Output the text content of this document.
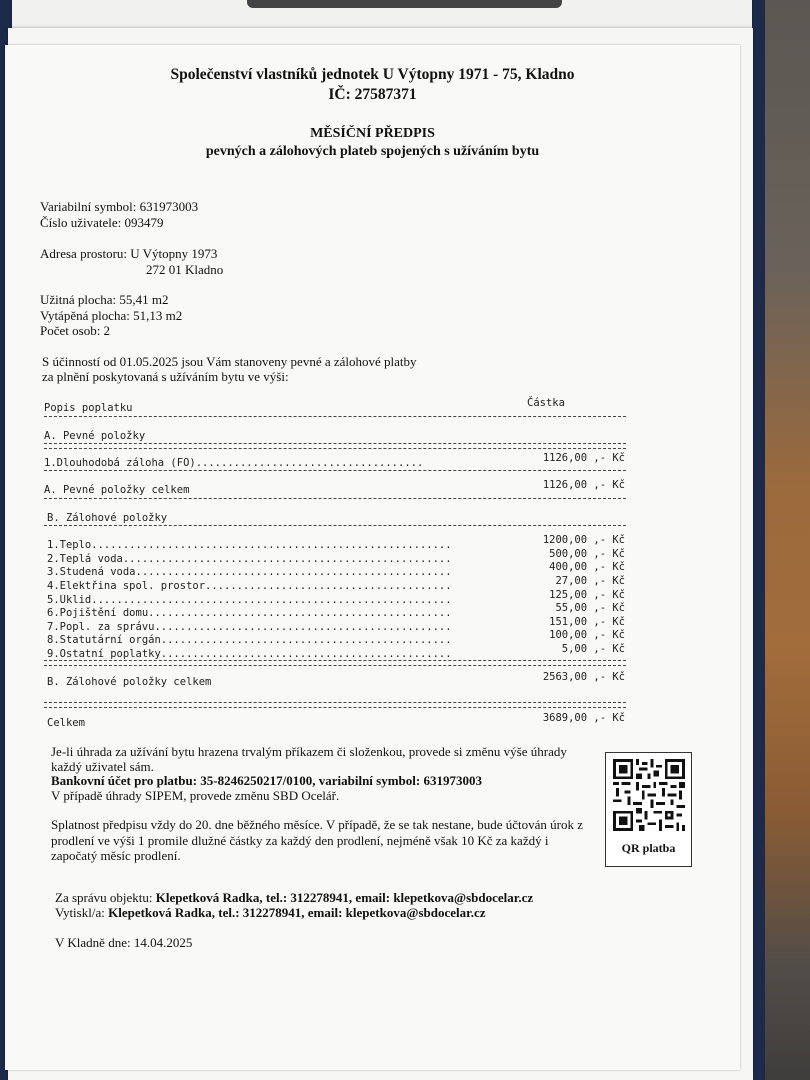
Společenství vlastníků jednotek U Výtopny 1971 - 75, Kladno
IČ: 27587371
MĚSÍČNÍ PŘEDPIS
pevných a zálohových plateb spojených s užíváním bytu
Variabilní symbol: 631973003
Číslo uživatele: 093479
Adresa prostoru: U Výtopny 1973
272 01 Kladno
Užitná plocha: 55,41 m2
Vytápěná plocha: 51,13 m2
Počet osob: 2
S účinností od 01.05.2025 jsou Vám stanoveny pevné a zálohové platby
za plnění poskytovaná s užíváním bytu ve výši:
Popis poplatku	Částka
A. Pevné položky
1.Dlouhodobá záloha (FO)....................................	1126,00 ,- Kč
A. Pevné položky celkem	1126,00 ,- Kč
B. Zálohové položky
1.Teplo.........................................................	1200,00 ,- Kč
2.Teplá voda....................................................	500,00 ,- Kč
3.Studená voda..................................................	400,00 ,- Kč
4.Elektřina spol. prostor.......................................	27,00 ,- Kč
5.Úklid.........................................................	125,00 ,- Kč
6.Pojištění domu................................................	55,00 ,- Kč
7.Popl. za správu...............................................	151,00 ,- Kč
8.Statutární orgán..............................................	100,00 ,- Kč
9.Ostatní poplatky..............................................	5,00 ,- Kč
B. Zálohové položky celkem	2563,00 ,- Kč
Celkem	3689,00 ,- Kč
Je-li úhrada za užívání bytu hrazena trvalým příkazem či složenkou, provede si změnu výše úhrady
každý uživatel sám.
Bankovní účet pro platbu: 35-8246250217/0100, variabilní symbol: 631973003
V případě úhrady SIPEM, provede změnu SBD Ocelář.
Splatnost předpisu vždy do 20. dne běžného měsíce. V případě, že se tak nestane, bude účtován úrok z
prodlení ve výši 1 promile dlužné částky za každý den prodlení, nejméně však 10 Kč za každý i
započatý měsíc prodlení.	QR platba
Za správu objektu: Klepetková Radka, tel.: 312278941, email: klepetkova@sbdocelar.cz
Vytiskl/a: Klepetková Radka, tel.: 312278941, email: klepetkova@sbdocelar.cz
V Kladně dne: 14.04.2025
